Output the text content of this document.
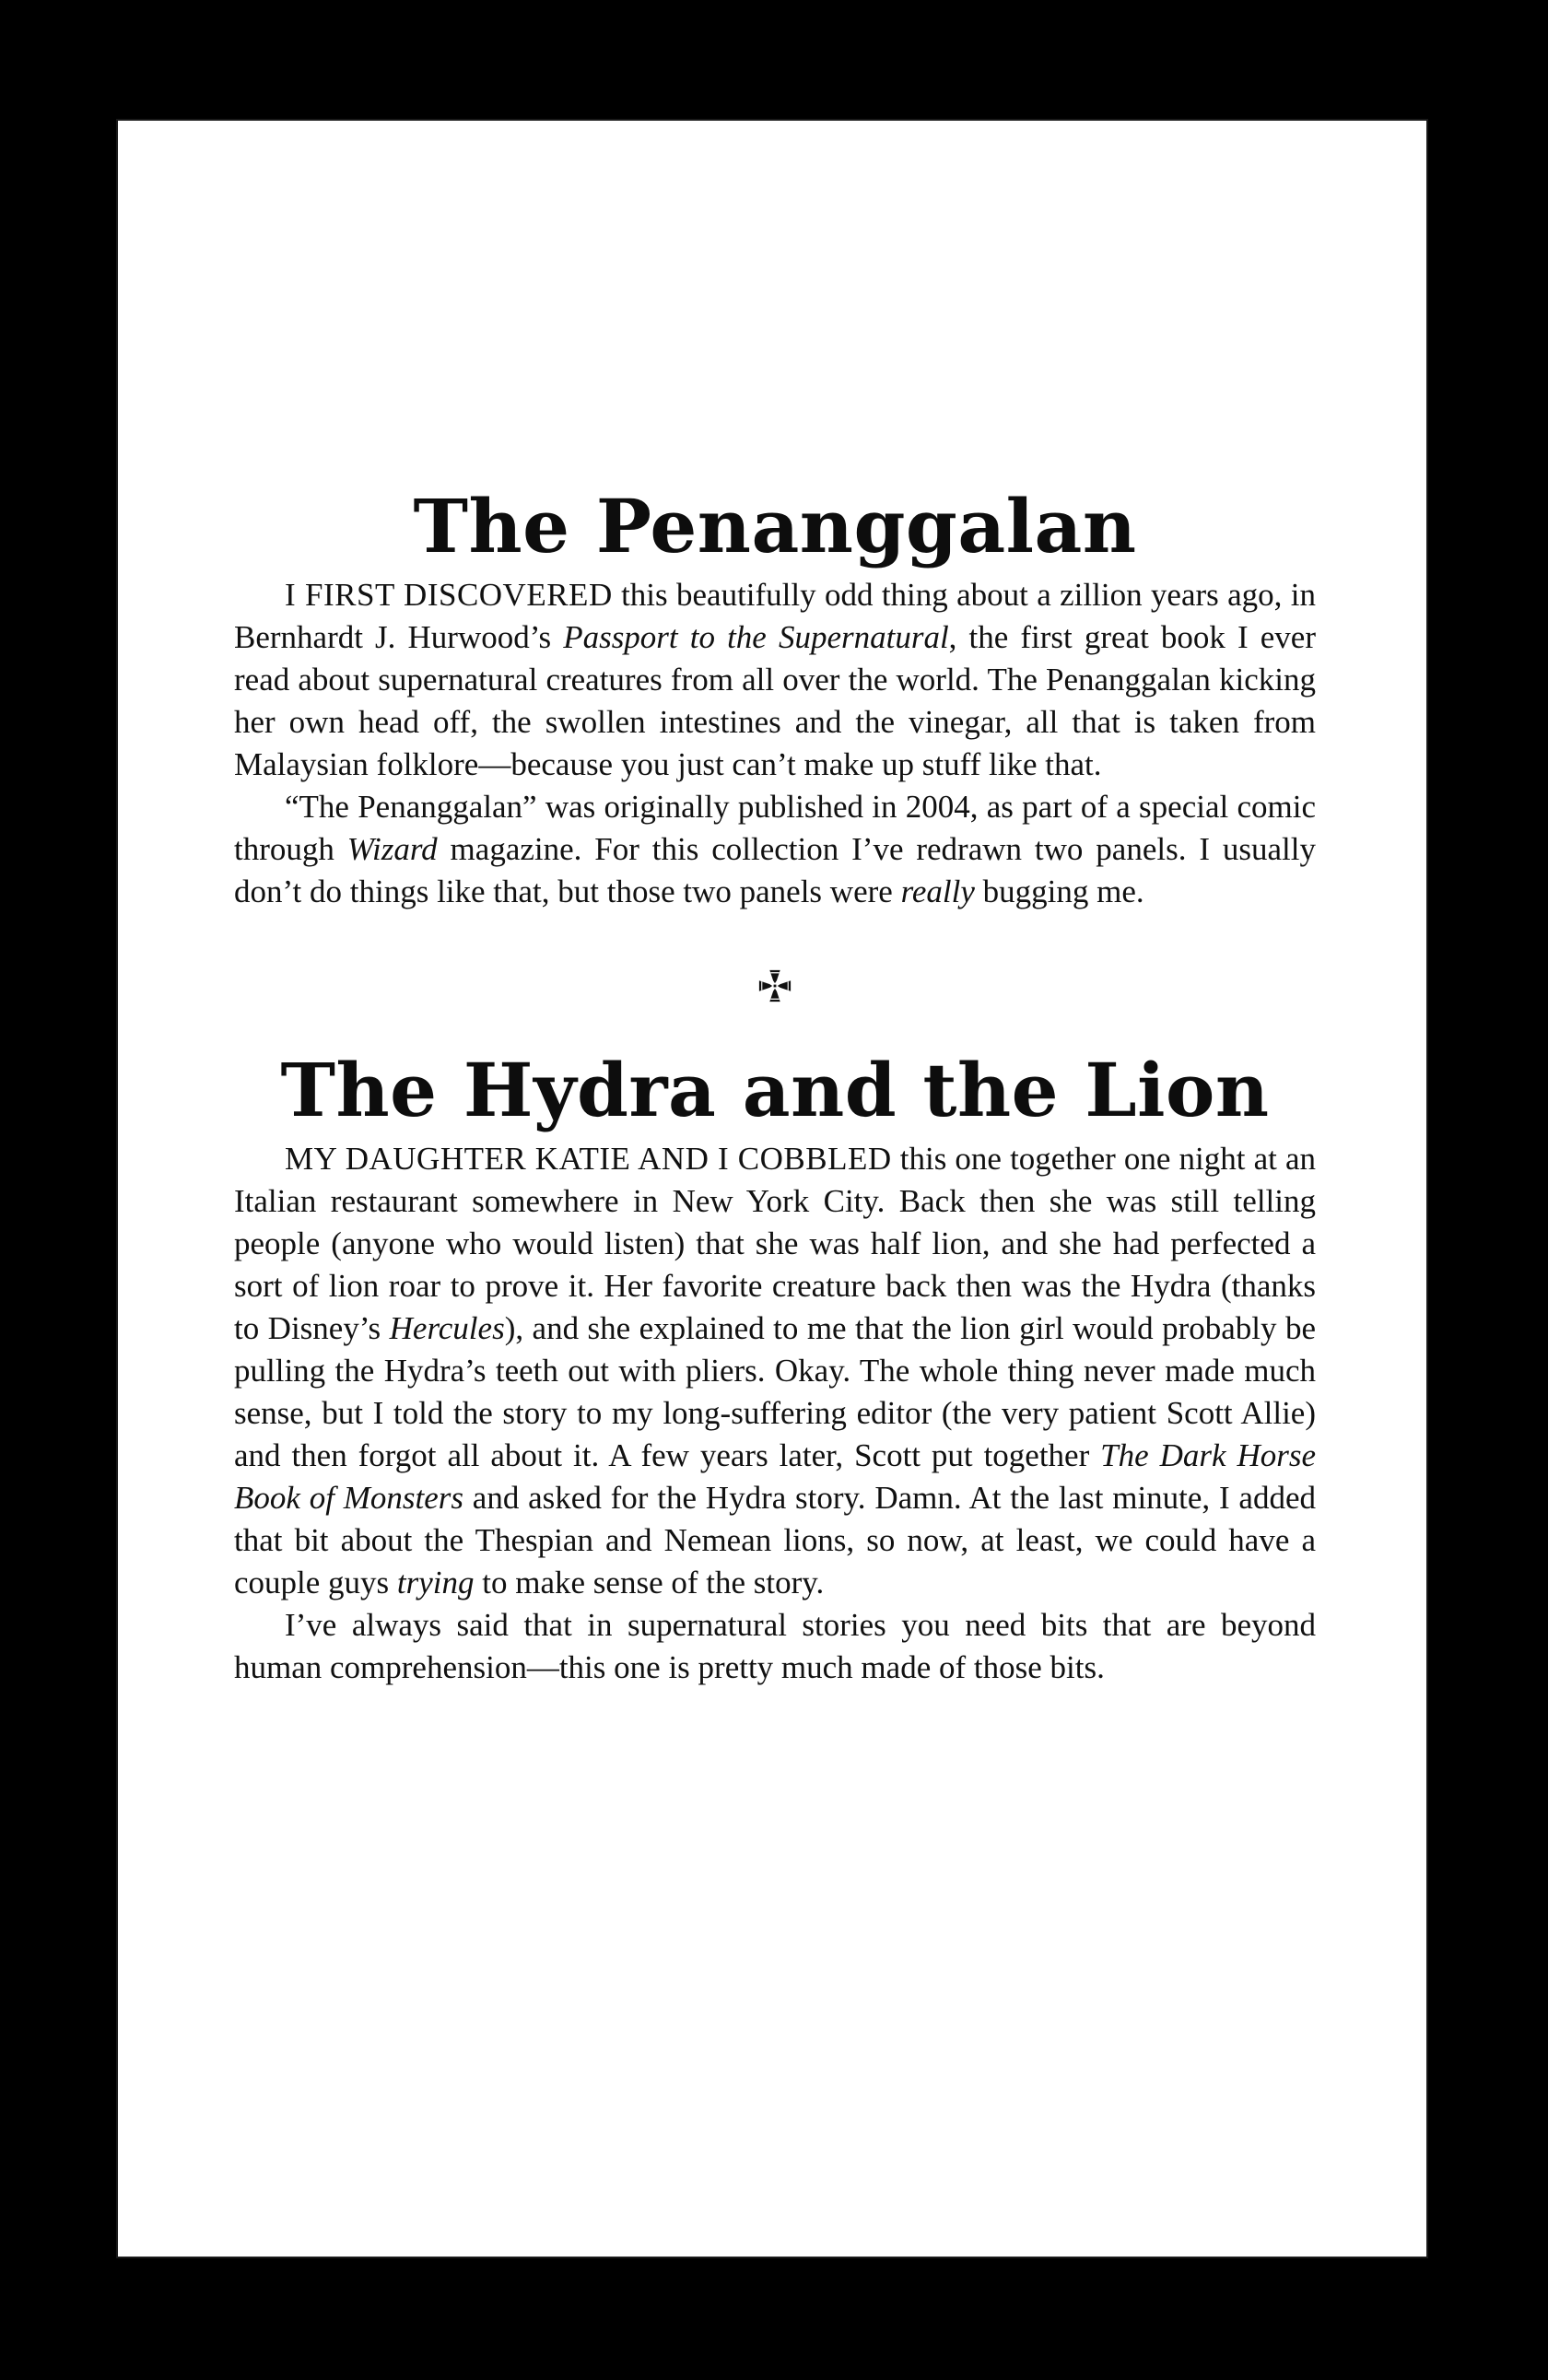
The Penanggalan

I FIRST DISCOVERED this beautifully odd thing about a zillion years ago, in Bernhardt J. Hurwood’s Passport to the Supernatural, the first great book I ever read about supernatural creatures from all over the world. The Penanggalan kicking her own head off, the swollen intestines and the vinegar, all that is taken from Malaysian folklore—because you just can’t make up stuff like that.

“The Penanggalan” was originally published in 2004, as part of a special comic through Wizard magazine. For this collection I’ve redrawn two panels. I usually don’t do things like that, but those two panels were really bugging me.

The Hydra and the Lion

MY DAUGHTER KATIE AND I COBBLED this one together one night at an Italian restaurant somewhere in New York City. Back then she was still telling people (anyone who would listen) that she was half lion, and she had perfected a sort of lion roar to prove it. Her favorite creature back then was the Hydra (thanks to Disney’s Hercules), and she explained to me that the lion girl would probably be pulling the Hydra’s teeth out with pliers. Okay. The whole thing never made much sense, but I told the story to my long-suffering editor (the very patient Scott Allie) and then forgot all about it. A few years later, Scott put together The Dark Horse Book of Monsters and asked for the Hydra story. Damn. At the last minute, I added that bit about the Thespian and Nemean lions, so now, at least, we could have a couple guys trying to make sense of the story.

I’ve always said that in supernatural stories you need bits that are beyond human comprehension—this one is pretty much made of those bits.
